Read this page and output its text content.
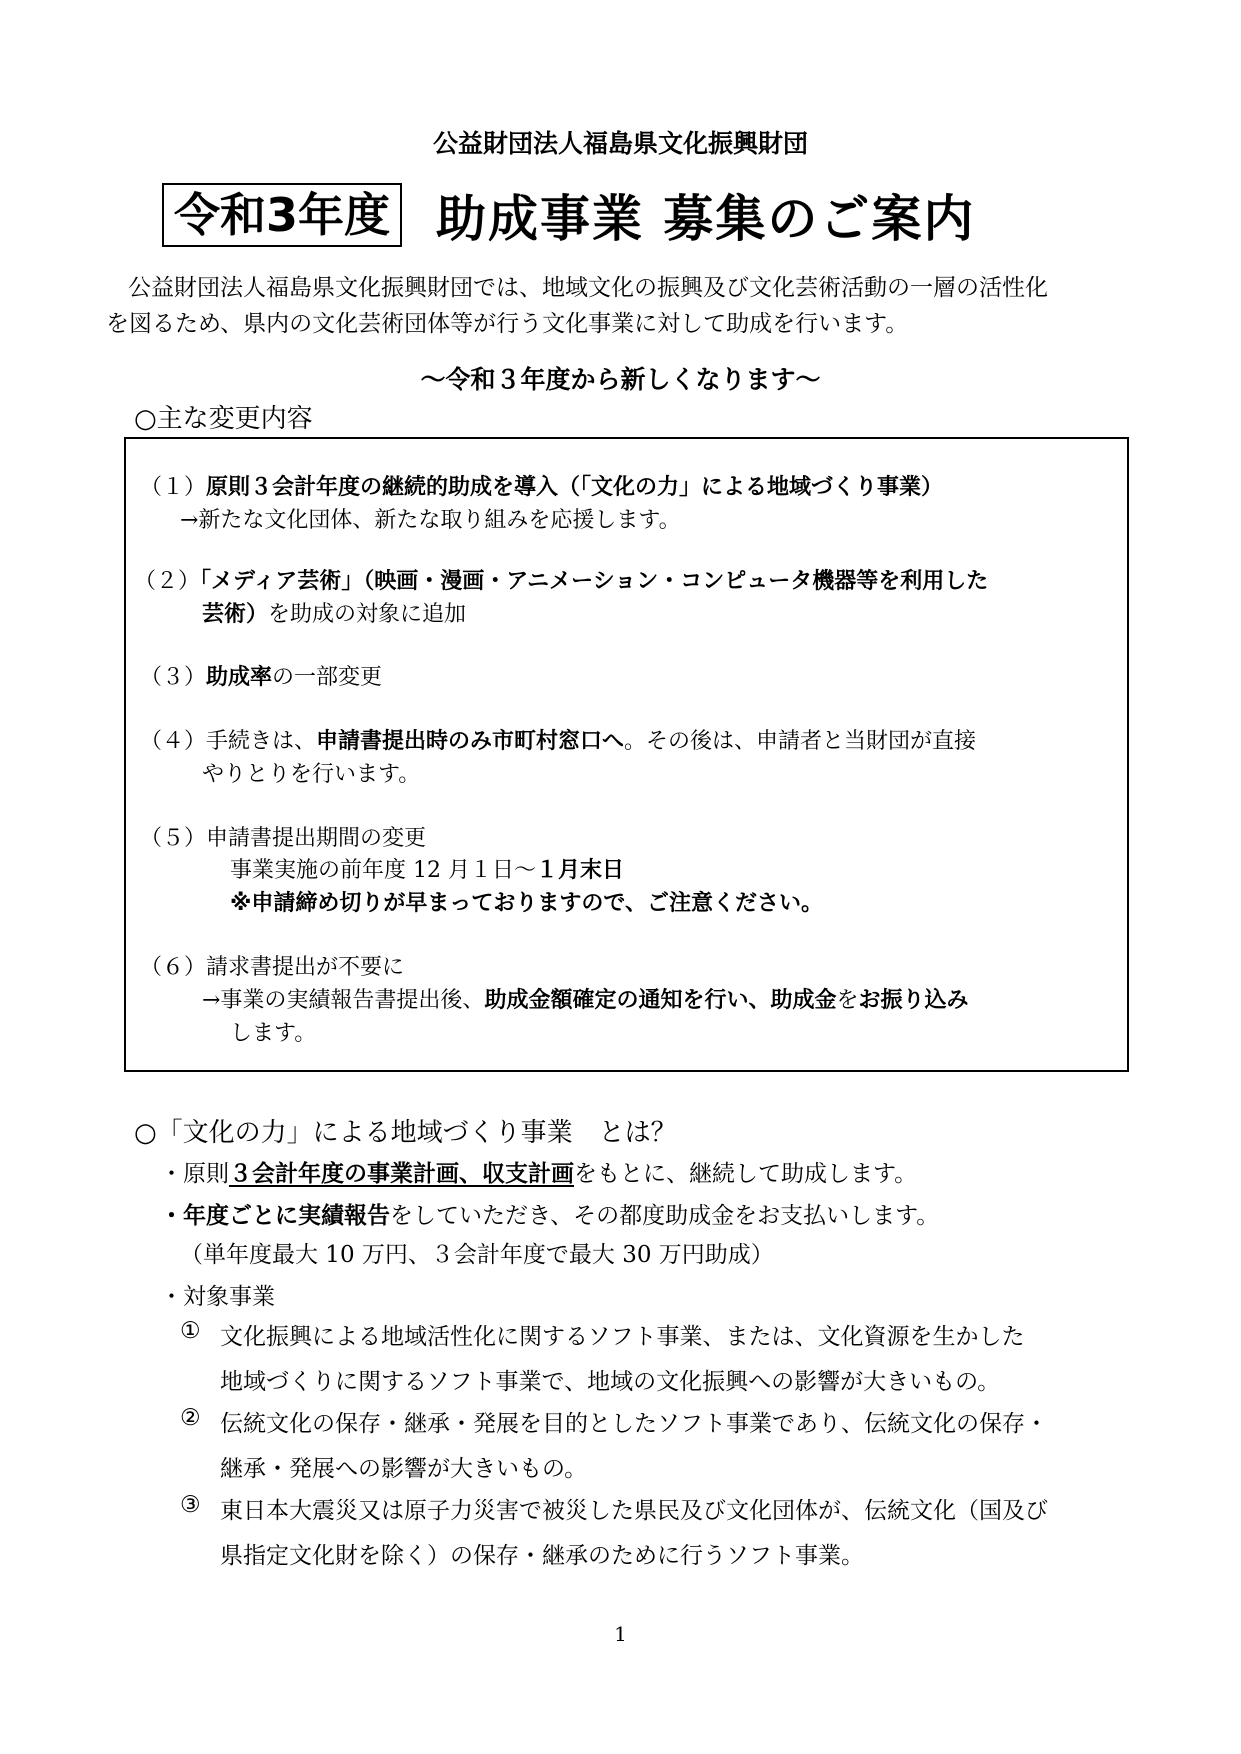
公益財団法人福島県文化振興財団
令和3年度 助成事業 募集のご案内
公益財団法人福島県文化振興財団では、地域文化の振興及び文化芸術活動の一層の活性化
を図るため、県内の文化芸術団体等が行う文化事業に対して助成を行います。
～令和３年度から新しくなります～
○主な変更内容
（１）原則３会計年度の継続的助成を導入（「文化の力」による地域づくり事業）
→新たな文化団体、新たな取り組みを応援します。
（２）「メディア芸術」（映画・漫画・アニメーション・コンピュータ機器等を利用した
芸術）を助成の対象に追加
（３）助成率の一部変更
（４）手続きは、申請書提出時のみ市町村窓口へ。その後は、申請者と当財団が直接
やりとりを行います。
（５）申請書提出期間の変更
事業実施の前年度 12 月１日～１月末日
※申請締め切りが早まっておりますので、ご注意ください。
（６）請求書提出が不要に
→事業の実績報告書提出後、助成金額確定の通知を行い、助成金をお振り込み
します。
○「文化の力」による地域づくり事業　とは？
・原則３会計年度の事業計画、収支計画をもとに、継続して助成します。
・年度ごとに実績報告をしていただき、その都度助成金をお支払いします。
（単年度最大 10 万円、３会計年度で最大 30 万円助成）
・対象事業
① 文化振興による地域活性化に関するソフト事業、または、文化資源を生かした
地域づくりに関するソフト事業で、地域の文化振興への影響が大きいもの。
② 伝統文化の保存・継承・発展を目的としたソフト事業であり、伝統文化の保存・
継承・発展への影響が大きいもの。
③ 東日本大震災又は原子力災害で被災した県民及び文化団体が、伝統文化（国及び
県指定文化財を除く）の保存・継承のために行うソフト事業。
1
